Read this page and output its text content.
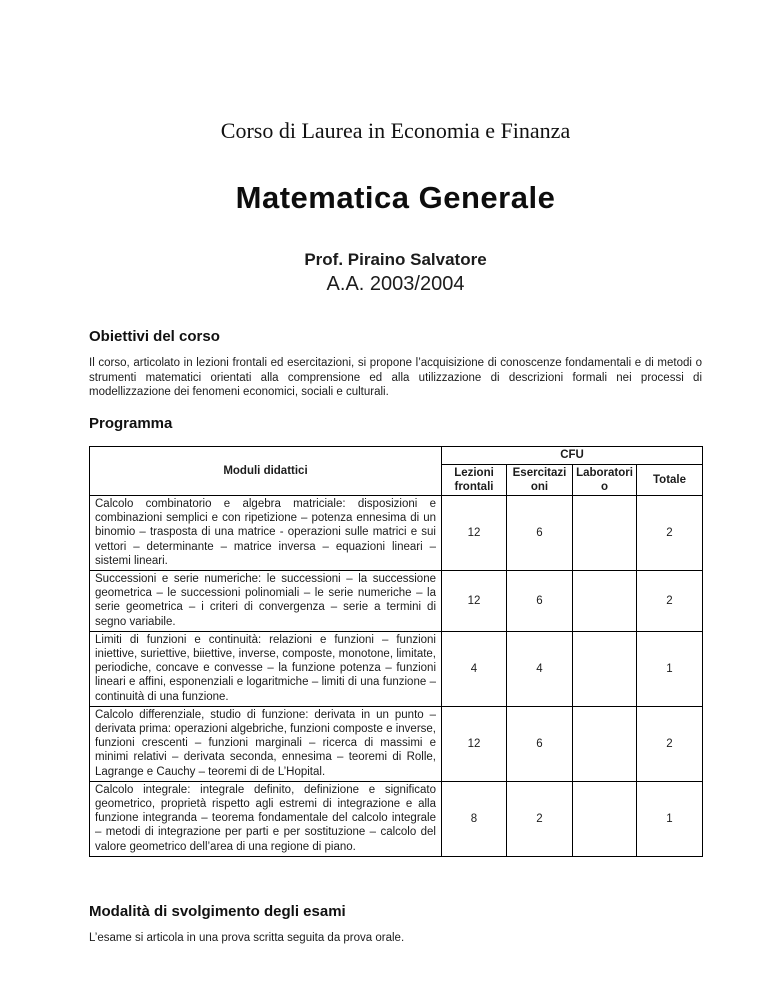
Corso di Laurea in Economia e Finanza
Matematica Generale
Prof. Piraino Salvatore
A.A. 2003/2004
Obiettivi del corso
Il corso, articolato in lezioni frontali ed esercitazioni, si propone l’acquisizione di conoscenze fondamentali e di metodi o strumenti matematici orientati alla comprensione ed alla utilizzazione di descrizioni formali nei processi di modellizzazione dei fenomeni economici, sociali e culturali.
Programma
Moduli didattici	CFU			
	Lezioni frontali	Esercitazioni	Laboratorio	Totale
Calcolo combinatorio e algebra matriciale: disposizioni e combinazioni semplici e con ripetizione – potenza ennesima di un binomio – trasposta di una matrice - operazioni sulle matrici e sui vettori – determinante – matrice inversa – equazioni lineari – sistemi lineari.	12	6		2
Successioni e serie numeriche: le successioni – la successione geometrica – le successioni polinomiali – le serie numeriche – la serie geometrica – i criteri di convergenza – serie a termini di segno variabile.	12	6		2
Limiti di funzioni e continuità: relazioni e funzioni – funzioni iniettive, suriettive, biiettive, inverse, composte, monotone, limitate, periodiche, concave e convesse – la funzione potenza – funzioni lineari e affini, esponenziali e logaritmiche – limiti di una funzione – continuità di una funzione.	4	4		1
Calcolo differenziale, studio di funzione: derivata in un punto – derivata prima: operazioni algebriche, funzioni composte e inverse, funzioni crescenti – funzioni marginali – ricerca di massimi e minimi relativi – derivata seconda, ennesima – teoremi di Rolle, Lagrange e Cauchy – teoremi di de L’Hopital.	12	6		2
Calcolo integrale: integrale definito, definizione e significato geometrico, proprietà rispetto agli estremi di integrazione e alla funzione integranda – teorema fondamentale del calcolo integrale – metodi di integrazione per parti e per sostituzione – calcolo del valore geometrico dell’area di una regione di piano.	8	2		1
Modalità di svolgimento degli esami
L’esame si articola in una prova scritta seguita da prova orale.
